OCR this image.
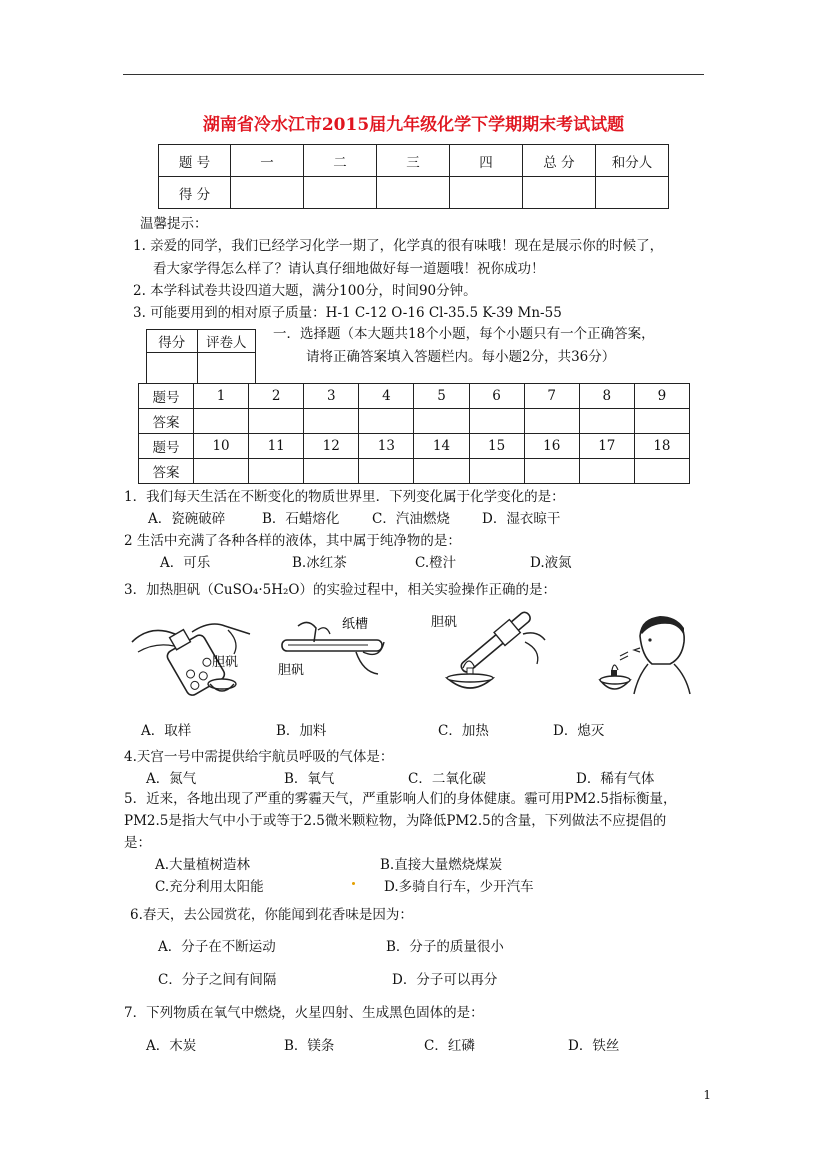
湖南省冷水江市2015届九年级化学下学期期末考试试题
题 号	一	二	三	四	总 分	和分人
得 分						
温馨提示：
1. 亲爱的同学，我们已经学习化学一期了，化学真的很有味哦！现在是展示你的时候了，
看大家学得怎么样了？请认真仔细地做好每一道题哦！祝你成功！
2. 本学科试卷共设四道大题，满分100分，时间90分钟。
3. 可能要用到的相对原子质量：H-1 C-12 O-16 Cl-35.5 K-39 Mn-55
得分	评卷人

一．选择题（本大题共18个小题，每个小题只有一个正确答案，
请将正确答案填入答题栏内。每小题2分，共36分）
题号	1	2	3	4	5	6	7	8	9
答案									
题号	10	11	12	13	14	15	16	17	18
答案									
1．我们每天生活在不断变化的物质世界里．下列变化属于化学变化的是：
A．瓷碗破碎	B．石蜡熔化 C．汽油燃烧 D．湿衣晾干
2 生活中充满了各种各样的液体，其中属于纯净物的是：
A．可乐	B.冰红茶	C.橙汁	D.液氮
3．加热胆矾（CuSO₄·5H₂O）的实验过程中，相关实验操作正确的是：
胆矾
纸槽
胆矾
胆矾
A．取样	B．加料	C．加热	D．熄灭
4.天宫一号中需提供给宇航员呼吸的气体是：
A．氮气	B．氧气	C．二氧化碳	D．稀有气体
5．近来，各地出现了严重的雾霾天气，严重影响人们的身体健康。霾可用PM2.5指标衡量，
PM2.5是指大气中小于或等于2.5微米颗粒物，为降低PM2.5的含量，下列做法不应提倡的
是：
A.大量植树造林	B.直接大量燃烧煤炭
C.充分利用太阳能	D.多骑自行车，少开汽车
6.春天，去公园赏花，你能闻到花香味是因为：
A．分子在不断运动	B．分子的质量很小
C．分子之间有间隔	D．分子可以再分
7．下列物质在氧气中燃烧，火星四射、生成黑色固体的是：
A．木炭	B．镁条	C．红磷	D．铁丝
1
